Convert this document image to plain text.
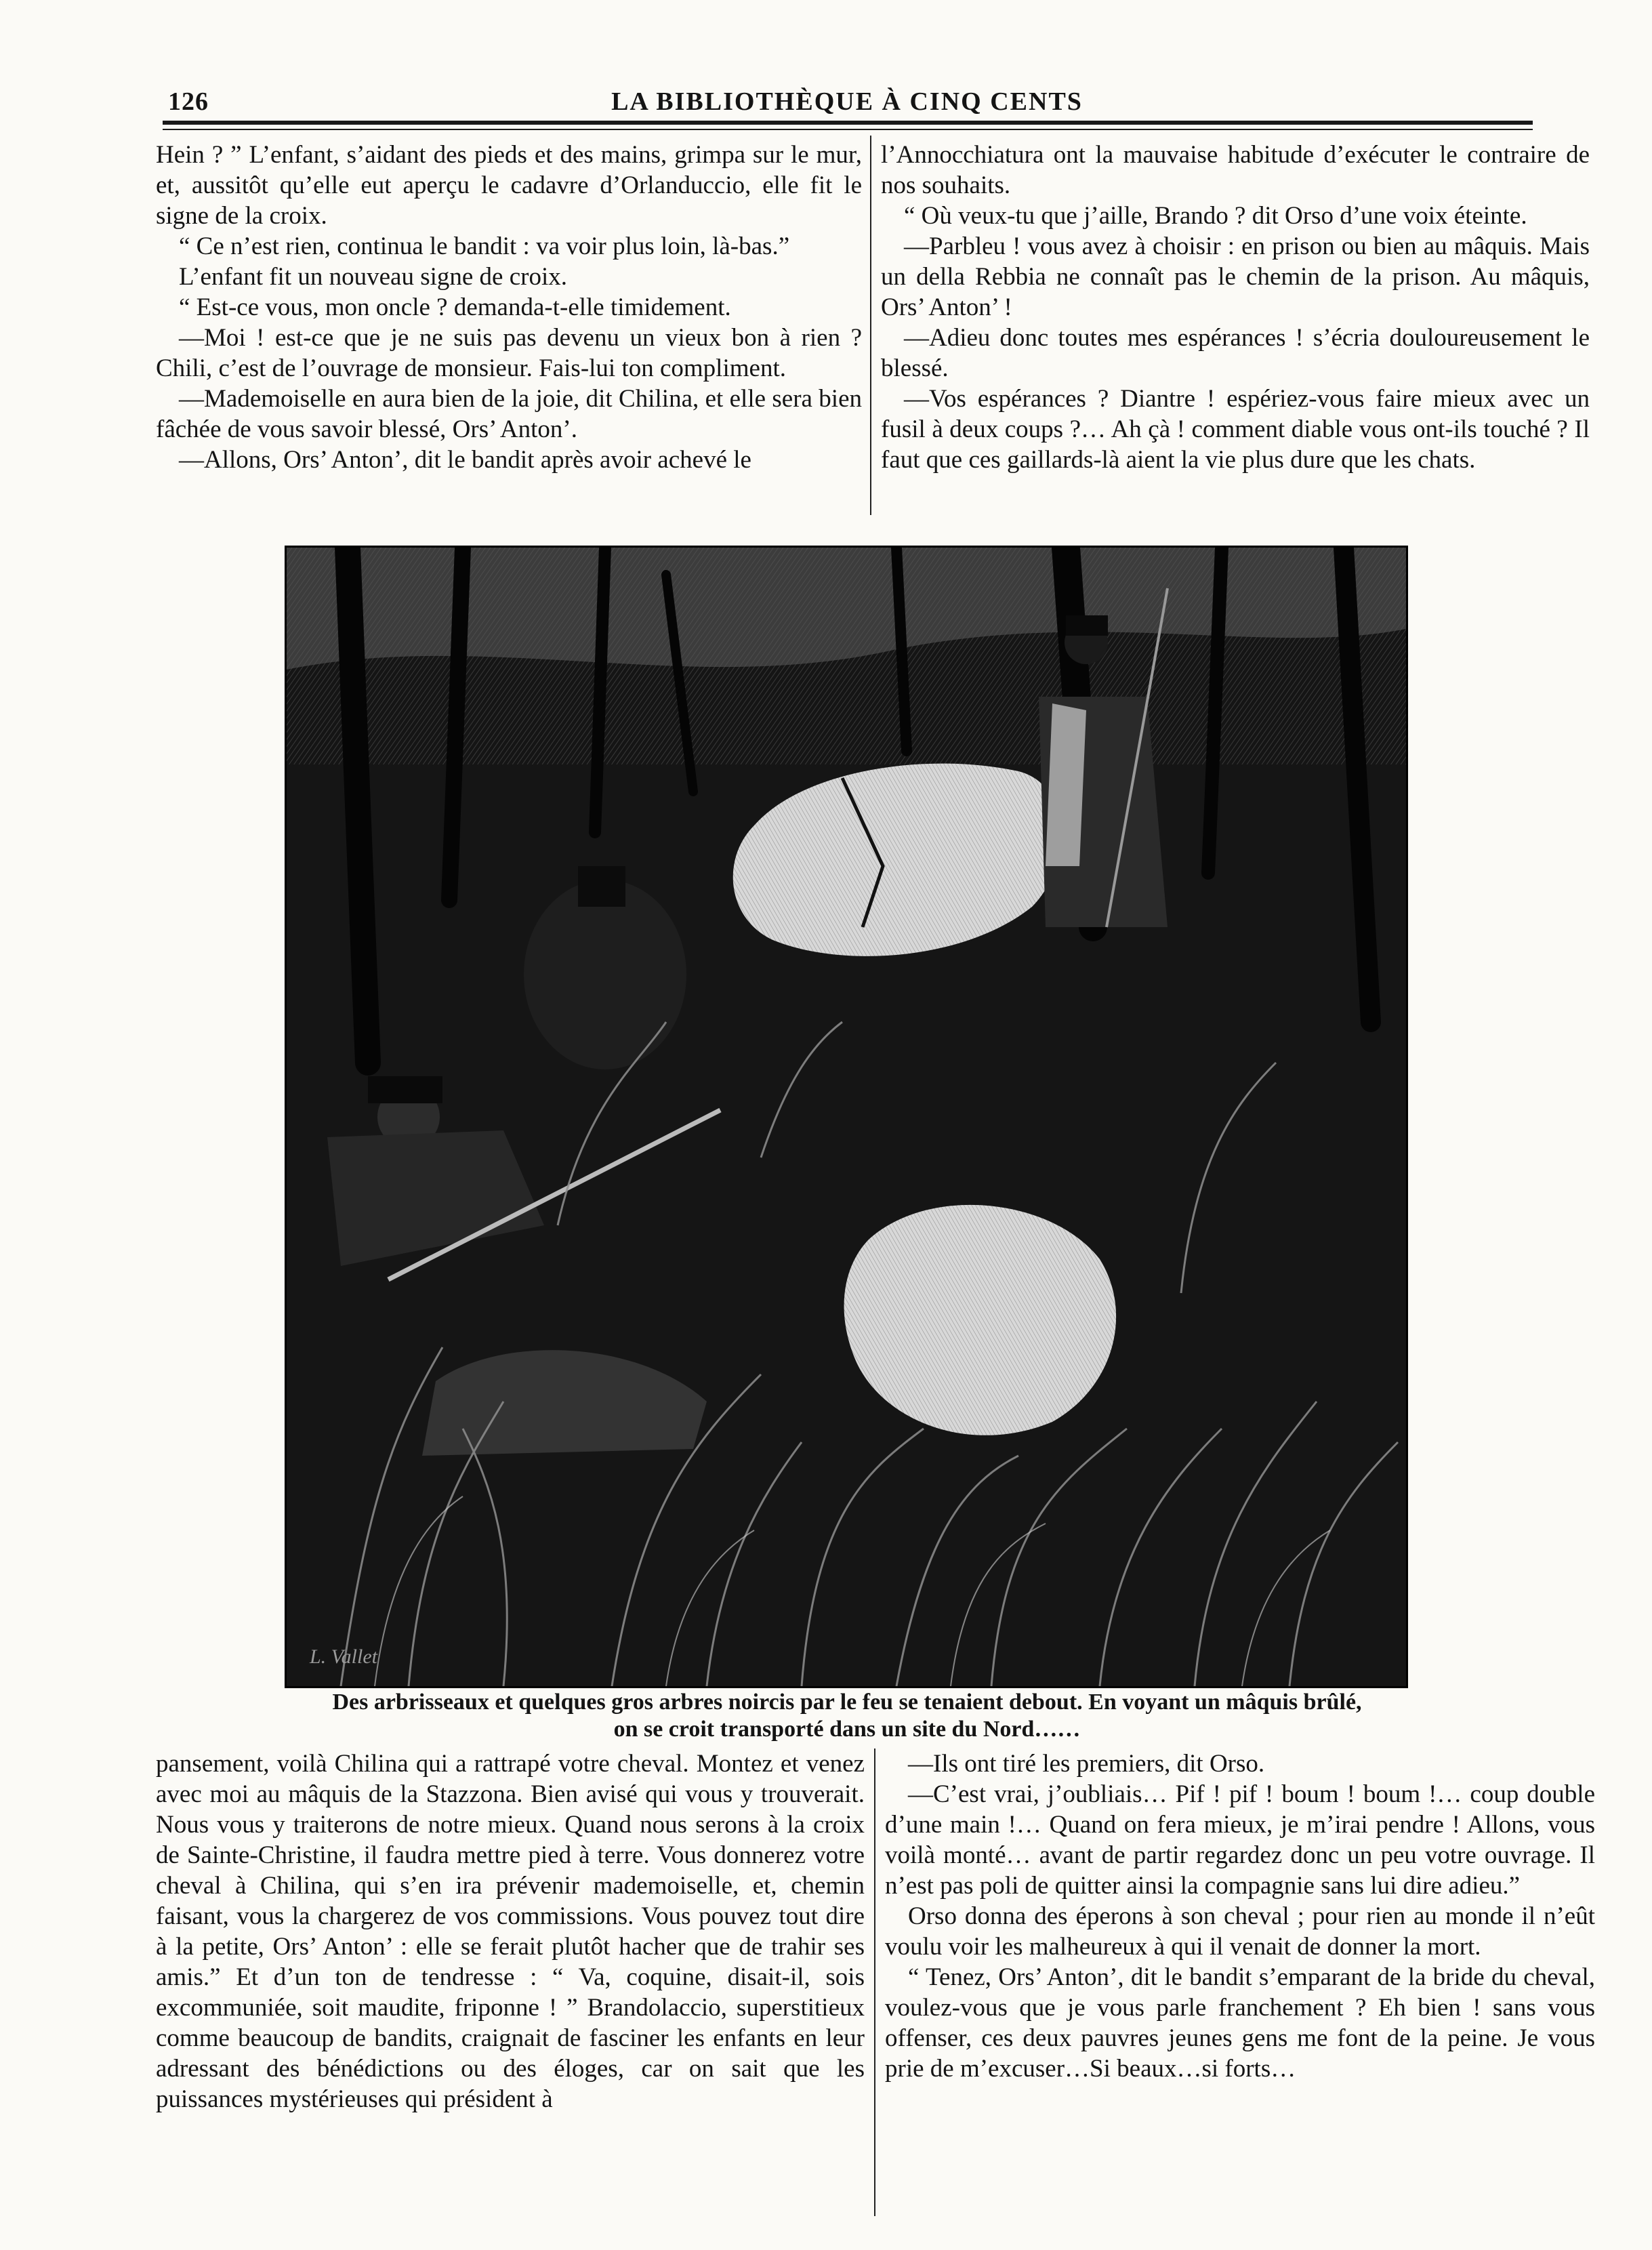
126	LA BIBLIOTHÈQUE À CINQ CENTS

Hein ? ” L’enfant, s’aidant des pieds et des mains, grimpa sur le mur, et, aussitôt qu’elle eut aperçu le cadavre d’Orlanduccio, elle fit le signe de la croix.

“ Ce n’est rien, continua le bandit : va voir plus loin, là-bas.”

L’enfant fit un nouveau signe de croix.

“ Est-ce vous, mon oncle ? demanda-t-elle timidement.

—Moi ! est-ce que je ne suis pas devenu un vieux bon à rien ? Chili, c’est de l’ouvrage de monsieur. Fais-lui ton compliment.

—Mademoiselle en aura bien de la joie, dit Chilina, et elle sera bien fâchée de vous savoir blessé, Ors’ Anton’.

—Allons, Ors’ Anton’, dit le bandit après avoir achevé le

l’Annocchiatura ont la mauvaise habitude d’exécuter le contraire de nos souhaits.

“ Où veux-tu que j’aille, Brando ? dit Orso d’une voix éteinte.

—Parbleu ! vous avez à choisir : en prison ou bien au mâquis. Mais un della Rebbia ne connaît pas le chemin de la prison. Au mâquis, Ors’ Anton’ !

—Adieu donc toutes mes espérances ! s’écria douloureusement le blessé.

—Vos espérances ? Diantre ! espériez-vous faire mieux avec un fusil à deux coups ?… Ah çà ! comment diable vous ont-ils touché ? Il faut que ces gaillards-là aient la vie plus dure que les chats.

L. Vallet
Des arbrisseaux et quelques gros arbres noircis par le feu se tenaient debout. En voyant un mâquis brûlé,
on se croit transporté dans un site du Nord……

pansement, voilà Chilina qui a rattrapé votre cheval. Montez et venez avec moi au mâquis de la Stazzona. Bien avisé qui vous y trouverait. Nous vous y traiterons de notre mieux. Quand nous serons à la croix de Sainte-Christine, il faudra mettre pied à terre. Vous donnerez votre cheval à Chilina, qui s’en ira prévenir mademoiselle, et, chemin faisant, vous la chargerez de vos commissions. Vous pouvez tout dire à la petite, Ors’ Anton’ : elle se ferait plutôt hacher que de trahir ses amis.” Et d’un ton de tendresse : “ Va, coquine, disait-il, sois excommuniée, soit maudite, friponne ! ” Brandolaccio, superstitieux comme beaucoup de bandits, craignait de fasciner les enfants en leur adressant des bénédictions ou des éloges, car on sait que les puissances mystérieuses qui président à

—Ils ont tiré les premiers, dit Orso.

—C’est vrai, j’oubliais… Pif ! pif ! boum ! boum !… coup double d’une main !… Quand on fera mieux, je m’irai pendre ! Allons, vous voilà monté… avant de partir regardez donc un peu votre ouvrage. Il n’est pas poli de quitter ainsi la compagnie sans lui dire adieu.”

Orso donna des éperons à son cheval ; pour rien au monde il n’eût voulu voir les malheureux à qui il venait de donner la mort.

“ Tenez, Ors’ Anton’, dit le bandit s’emparant de la bride du cheval, voulez-vous que je vous parle franchement ? Eh bien ! sans vous offenser, ces deux pauvres jeunes gens me font de la peine. Je vous prie de m’excuser…Si beaux…si forts…
